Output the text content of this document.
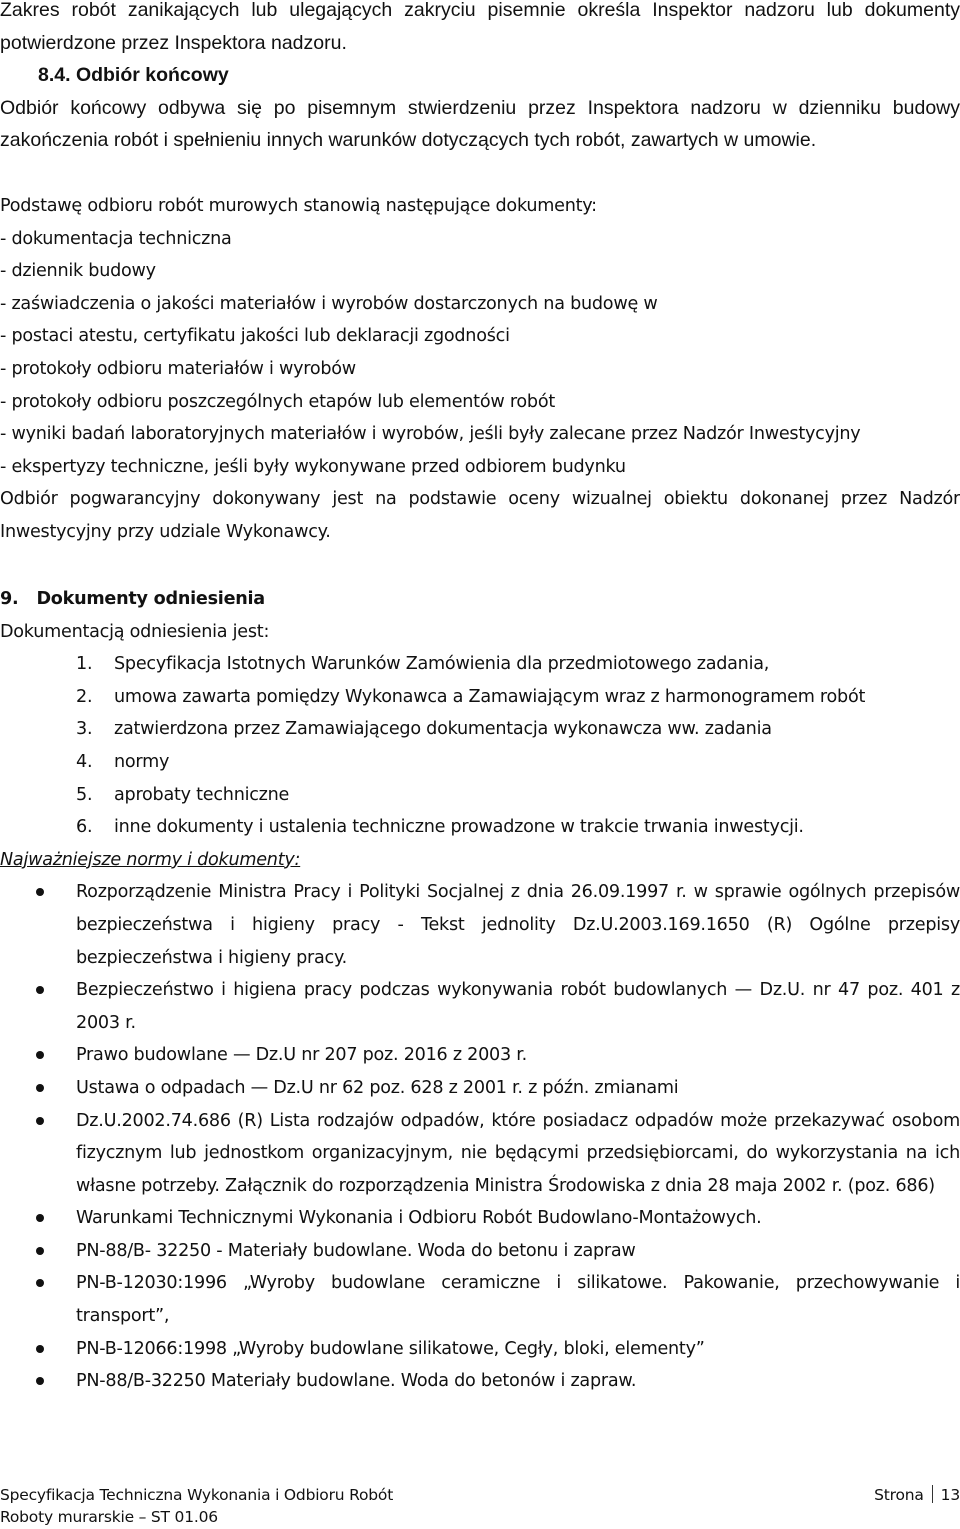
Zakres robót zanikających lub ulegających zakryciu pisemnie określa Inspektor nadzoru lub dokumenty potwierdzone przez Inspektora nadzoru.

8.4. Odbiór końcowy

Odbiór końcowy odbywa się po pisemnym stwierdzeniu przez Inspektora nadzoru w dzienniku budowy zakończenia robót i spełnieniu innych warunków dotyczących tych robót, zawartych w umowie.

Podstawę odbioru robót murowych stanowią następujące dokumenty:

- dokumentacja techniczna

- dziennik budowy

- zaświadczenia o jakości materiałów i wyrobów dostarczonych na budowę w

- postaci atestu, certyfikatu jakości lub deklaracji zgodności

- protokoły odbioru materiałów i wyrobów

- protokoły odbioru poszczególnych etapów lub elementów robót

- wyniki badań laboratoryjnych materiałów i wyrobów, jeśli były zalecane przez Nadzór Inwestycyjny

- ekspertyzy techniczne, jeśli były wykonywane przed odbiorem budynku

Odbiór pogwarancyjny dokonywany jest na podstawie oceny wizualnej obiektu dokonanej przez Nadzór Inwestycyjny przy udziale Wykonawcy.

9. Dokumenty odniesienia

Dokumentacją odniesienia jest:

1. Specyfikacja Istotnych Warunków Zamówienia dla przedmiotowego zadania,
2. umowa zawarta pomiędzy Wykonawca a Zamawiającym wraz z harmonogramem robót
3. zatwierdzona przez Zamawiającego dokumentacja wykonawcza ww. zadania
4. normy
5. aprobaty techniczne
6. inne dokumenty i ustalenia techniczne prowadzone w trakcie trwania inwestycji.

Najważniejsze normy i dokumenty:

Rozporządzenie Ministra Pracy i Polityki Socjalnej z dnia 26.09.1997 r. w sprawie ogólnych przepisów bezpieczeństwa i higieny pracy - Tekst jednolity Dz.U.2003.169.1650 (R) Ogólne przepisy bezpieczeństwa i higieny pracy.
Bezpieczeństwo i higiena pracy podczas wykonywania robót budowlanych — Dz.U. nr 47 poz. 401 z 2003 r.
Prawo budowlane — Dz.U nr 207 poz. 2016 z 2003 r.
Ustawa o odpadach — Dz.U nr 62 poz. 628 z 2001 r. z późn. zmianami
Dz.U.2002.74.686 (R) Lista rodzajów odpadów, które posiadacz odpadów może przekazywać osobom fizycznym lub jednostkom organizacyjnym, nie będącymi przedsiębiorcami, do wykorzystania na ich własne potrzeby. Załącznik do rozporządzenia Ministra Środowiska z dnia 28 maja 2002 r. (poz. 686)
Warunkami Technicznymi Wykonania i Odbioru Robót Budowlano-Montażowych.
PN-88/B- 32250 - Materiały budowlane. Woda do betonu i zapraw
PN-B-12030:1996 „Wyroby budowlane ceramiczne i silikatowe. Pakowanie, przechowywanie i transport”,
PN-B-12066:1998 „Wyroby budowlane silikatowe, Cegły, bloki, elementy”
PN-88/B-32250 Materiały budowlane. Woda do betonów i zapraw.
Specyfikacja Techniczna Wykonania i Odbioru Robót	Strona 13
Roboty murarskie – ST 01.06
